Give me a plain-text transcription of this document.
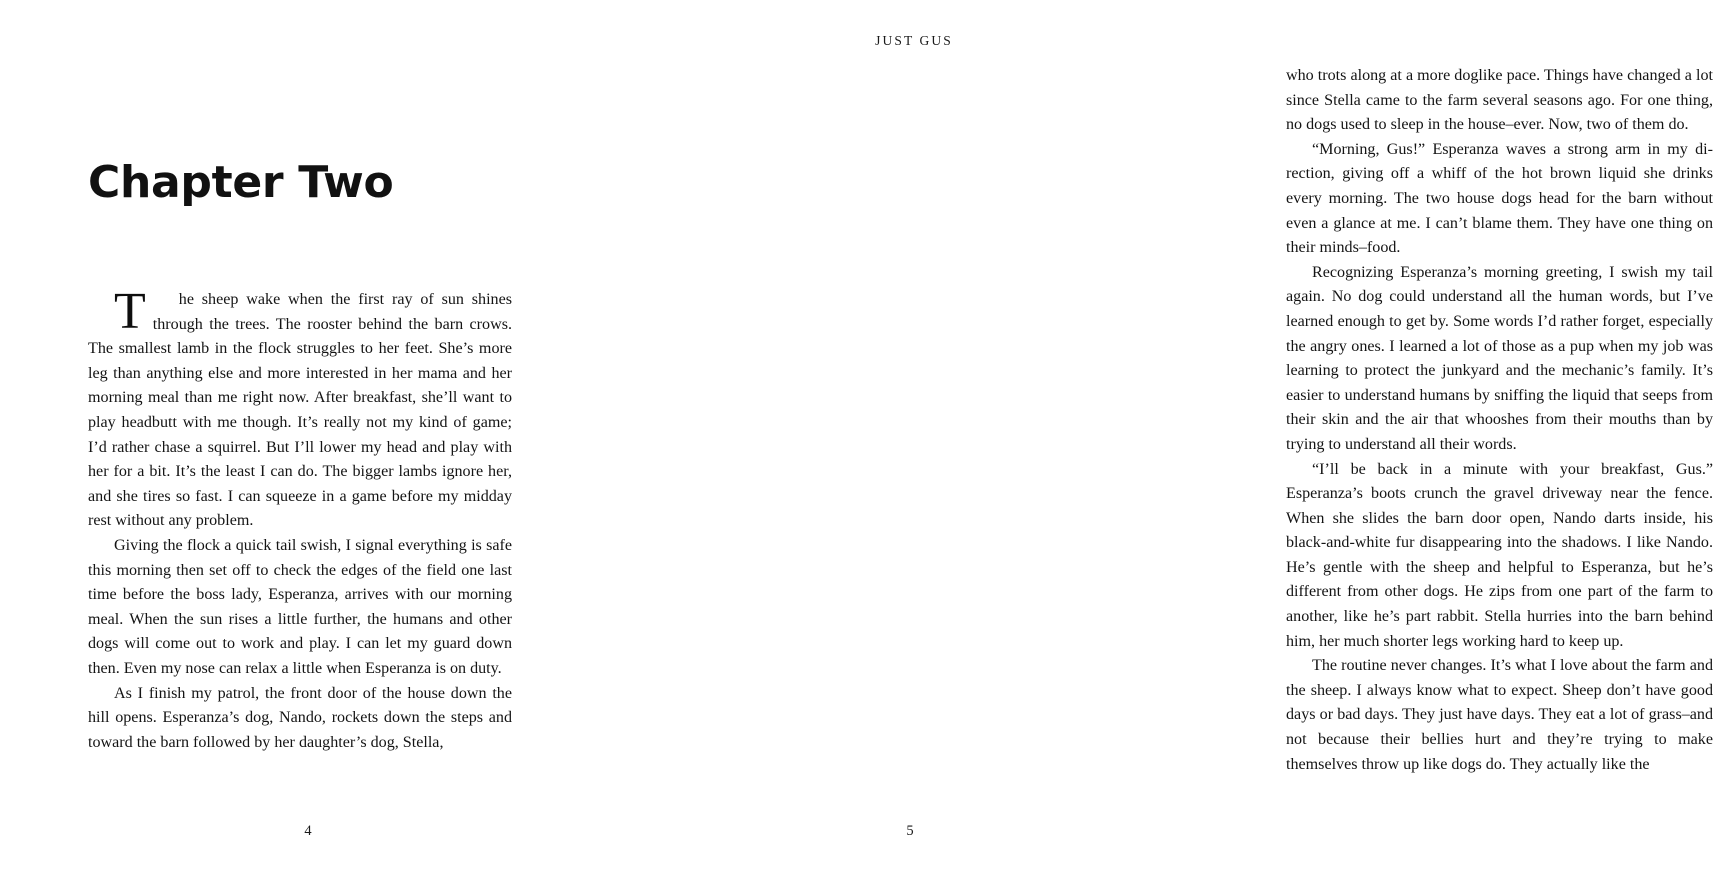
Chapter Two

T	he sheep wake when the first ray of sun shines through the trees. The rooster behind the barn crows. The smallest lamb in the flock struggles to her feet. She’s more leg than anything else and more interested in her mama and her morning meal than me right now. After breakfast, she’ll want to play headbutt with me though. It’s really not my kind of game; I’d rather chase a squirrel. But I’ll lower my head and play with her for a bit. It’s the least I can do. The bigger lambs ignore her, and she tires so fast. I can squeeze in a game before my midday rest without any problem.

Giving the flock a quick tail swish, I signal everything is safe this morning then set off to check the edges of the field one last time before the boss lady, Esperanza, arrives with our morning meal. When the sun rises a little further, the humans and other dogs will come out to work and play. I can let my guard down then. Even my nose can relax a little when Esperanza is on duty.

As I finish my patrol, the front door of the house down the hill opens. Esperanza’s dog, Nando, rockets down the steps and toward the barn followed by her daughter’s dog, Stella,

4
JUST GUS

who trots along at a more doglike pace. Things have changed a lot since Stella came to the farm several seasons ago. For one thing, no dogs used to sleep in the house–ever. Now, two of them do.

“Morning, Gus!” Esperanza waves a strong arm in my direction, giving off a whiff of the hot brown liquid she drinks every morning. The two house dogs head for the barn without even a glance at me. I can’t blame them. They have one thing on their minds–food.

Recognizing Esperanza’s morning greeting, I swish my tail again. No dog could understand all the human words, but I’ve learned enough to get by. Some words I’d rather forget, especially the angry ones. I learned a lot of those as a pup when my job was learning to protect the junkyard and the mechanic’s family. It’s easier to understand humans by sniffing the liquid that seeps from their skin and the air that whooshes from their mouths than by trying to understand all their words.

“I’ll be back in a minute with your breakfast, Gus.” Esperanza’s boots crunch the gravel driveway near the fence. When she slides the barn door open, Nando darts inside, his black-and-white fur disappearing into the shadows. I like Nando. He’s gentle with the sheep and helpful to Esperanza, but he’s different from other dogs. He zips from one part of the farm to another, like he’s part rabbit. Stella hurries into the barn behind him, her much shorter legs working hard to keep up.

The routine never changes. It’s what I love about the farm and the sheep. I always know what to expect. Sheep don’t have good days or bad days. They just have days. They eat a lot of grass–and not because their bellies hurt and they’re trying to make themselves throw up like dogs do. They actually like the

5
